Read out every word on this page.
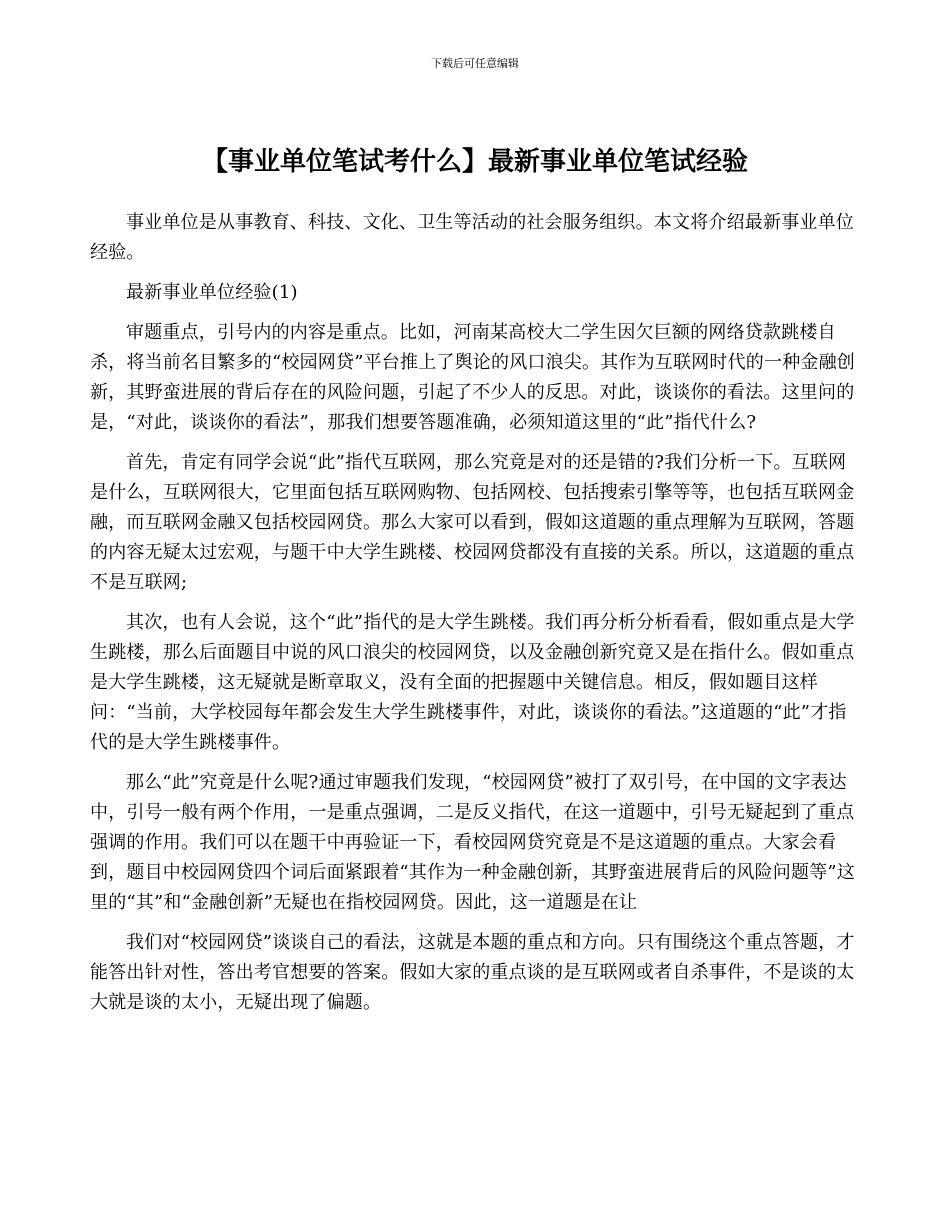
下载后可任意编辑
【事业单位笔试考什么】最新事业单位笔试经验

事业单位是从事教育、科技、文化、卫生等活动的社会服务组织。本文将介绍最新事业单位经验。

最新事业单位经验(1)

审题重点，引号内的内容是重点。比如，河南某高校大二学生因欠巨额的网络贷款跳楼自杀，将当前名目繁多的“校园网贷”平台推上了舆论的风口浪尖。其作为互联网时代的一种金融创新，其野蛮进展的背后存在的风险问题，引起了不少人的反思。对此，谈谈你的看法。这里问的是，“对此，谈谈你的看法”，那我们想要答题准确，必须知道这里的“此”指代什么?

首先，肯定有同学会说“此”指代互联网，那么究竟是对的还是错的?我们分析一下。互联网是什么，互联网很大，它里面包括互联网购物、包括网校、包括搜索引擎等等，也包括互联网金融，而互联网金融又包括校园网贷。那么大家可以看到，假如这道题的重点理解为互联网，答题的内容无疑太过宏观，与题干中大学生跳楼、校园网贷都没有直接的关系。所以，这道题的重点不是互联网;

其次，也有人会说，这个“此”指代的是大学生跳楼。我们再分析分析看看，假如重点是大学生跳楼，那么后面题目中说的风口浪尖的校园网贷，以及金融创新究竟又是在指什么。假如重点是大学生跳楼，这无疑就是断章取义，没有全面的把握题中关键信息。相反，假如题目这样问：“当前，大学校园每年都会发生大学生跳楼事件，对此，谈谈你的看法。”这道题的“此”才指代的是大学生跳楼事件。

那么“此”究竟是什么呢?通过审题我们发现，“校园网贷”被打了双引号，在中国的文字表达中，引号一般有两个作用，一是重点强调，二是反义指代，在这一道题中，引号无疑起到了重点强调的作用。我们可以在题干中再验证一下，看校园网贷究竟是不是这道题的重点。大家会看到，题目中校园网贷四个词后面紧跟着“其作为一种金融创新，其野蛮进展背后的风险问题等”这里的“其”和“金融创新”无疑也在指校园网贷。因此，这一道题是在让

我们对“校园网贷”谈谈自己的看法，这就是本题的重点和方向。只有围绕这个重点答题，才能答出针对性，答出考官想要的答案。假如大家的重点谈的是互联网或者自杀事件，不是谈的太大就是谈的太小，无疑出现了偏题。
